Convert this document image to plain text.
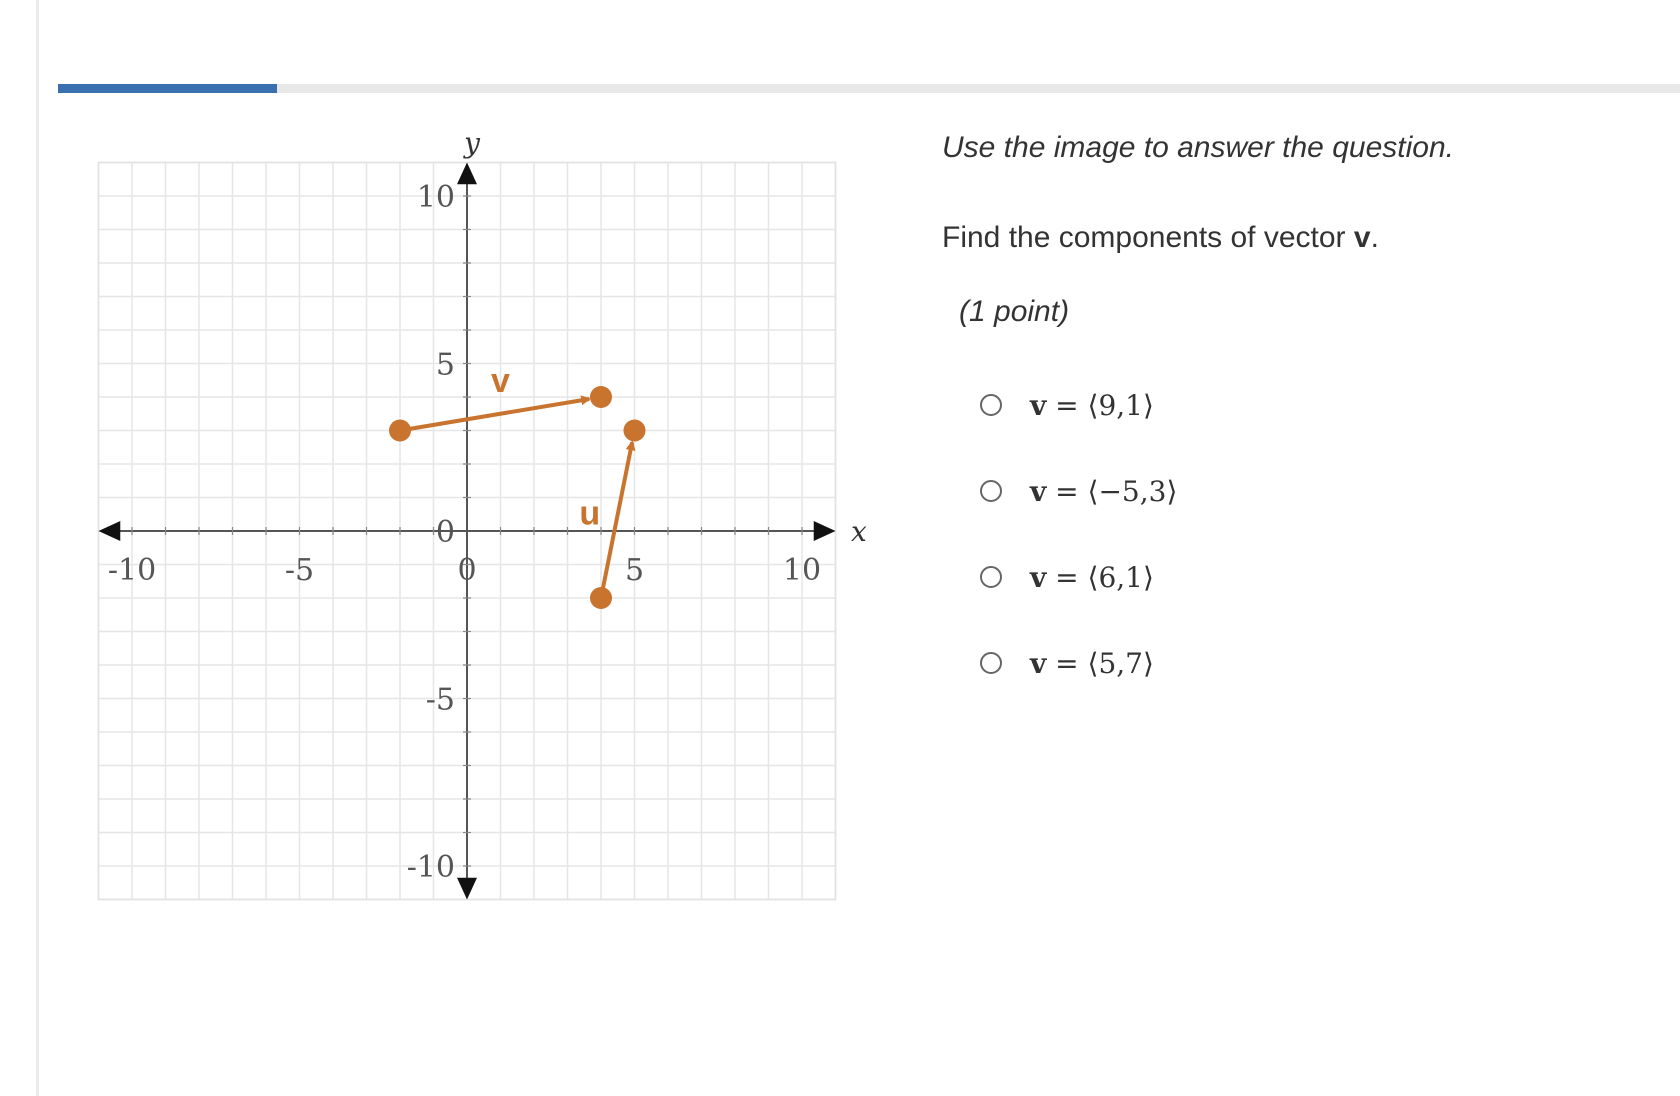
-10	-5	0	5	10
10
5
0
-5
-10
x
y
v
u

Use the image to answer the question.

Find the components of vector v.

(1 point)

v = ⟨9,1⟩
v = ⟨−5,3⟩
v = ⟨6,1⟩
v = ⟨5,7⟩
